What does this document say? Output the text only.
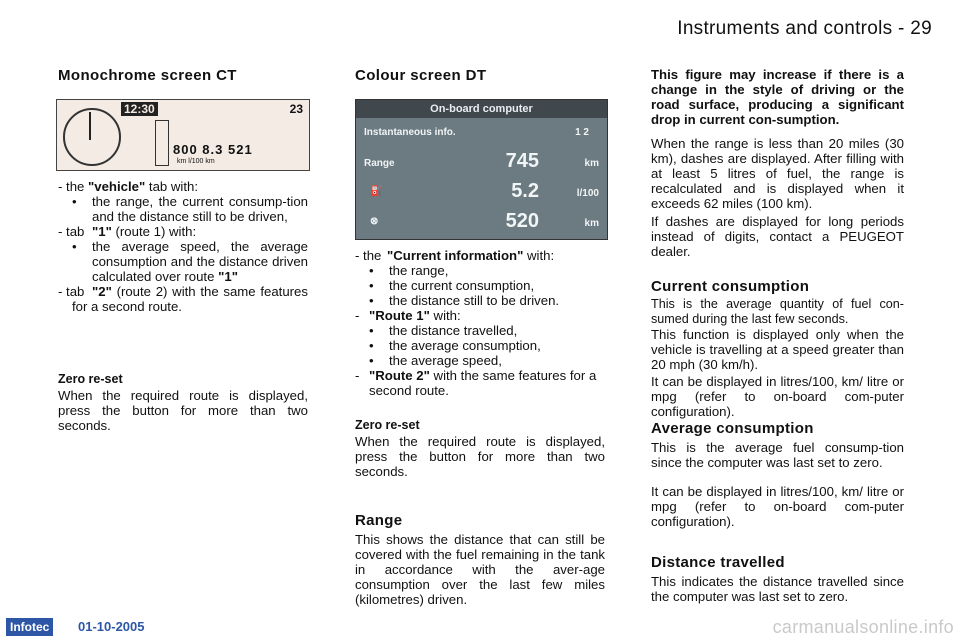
Instruments and controls - 29
Monochrome screen CT
12:30	23
800 8.3 521
km l/100 km
- the "vehicle" tab with:
• the range, the current consump-tion and the distance still to be driven,
- tab "1" (route 1) with:
• the average speed, the average consumption and the distance driven calculated over route "1"
- tab "2" (route 2) with the same features for a second route.
Zero re-set
When the required route is displayed, press the button for more than two seconds.
Colour screen DT
On-board computer
Instantaneous info.	1 2
Range	745	km
⛽	5.2	l/100
⊗	520	km
- the "Current information" with:
• the range,
• the current consumption,
• the distance still to be driven.
- "Route 1" with:
• the distance travelled,
• the average consumption,
• the average speed,
- "Route 2" with the same features for a second route.
Zero re-set
When the required route is displayed, press the button for more than two seconds.
Range
This shows the distance that can still be covered with the fuel remaining in the tank in accordance with the aver-age consumption over the last few miles (kilometres) driven.
This figure may increase if there is a change in the style of driving or the road surface, producing a significant drop in current con-sumption.
When the range is less than 20 miles (30 km), dashes are displayed. After filling with at least 5 litres of fuel, the range is recalculated and is displayed when it exceeds 62 miles (100 km).
If dashes are displayed for long periods instead of digits, contact a PEUGEOT dealer.
Current consumption
This is the average quantity of fuel con-sumed during the last few seconds.
This function is displayed only when the vehicle is travelling at a speed greater than 20 mph (30 km/h).
It can be displayed in litres/100, km/ litre or mpg (refer to on-board com-puter configuration).
Average consumption
This is the average fuel consump-tion since the computer was last set to zero.
It can be displayed in litres/100, km/ litre or mpg (refer to on-board com-puter configuration).
Distance travelled
This indicates the distance travelled since the computer was last set to zero.
Infotec	01-10-2005	carmanualsonline.info
